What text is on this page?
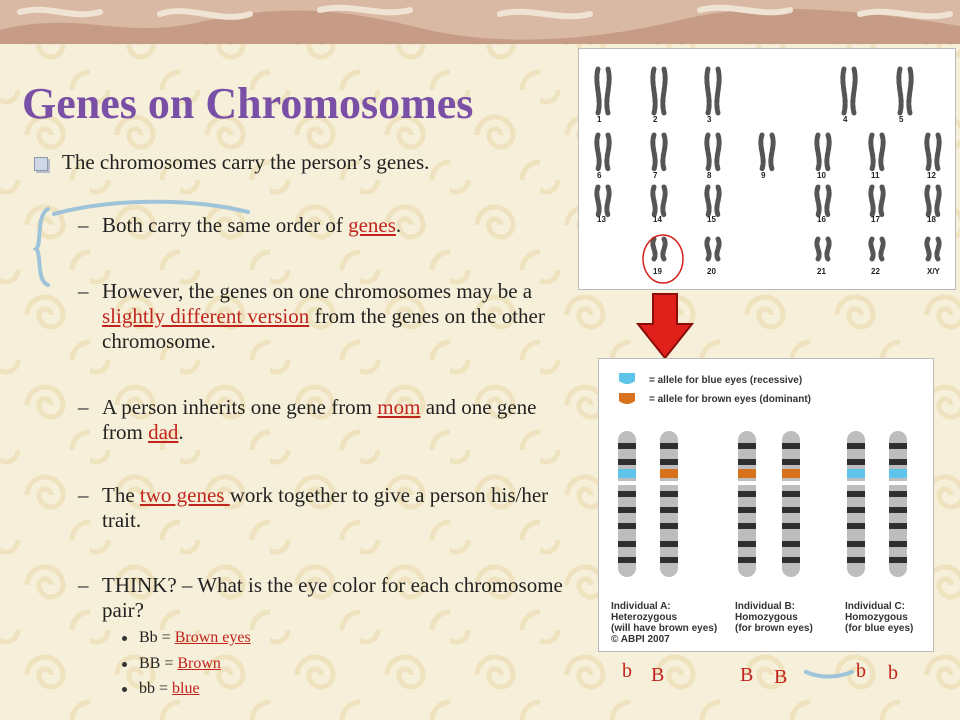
Genes on Chromosomes
The chromosomes carry the person’s genes.
– Both carry the same order of genes.
– However, the genes on one chromosomes may be a slightly different version from the genes on the other chromosome.
– A person inherits one gene from mom and one gene from dad.
– The two genes work together to give a person his/her trait.
– THINK? – What is the eye color for each chromosome pair?
Bb = Brown eyes
BB = Brown
bb = blue
1	2	3	4	5
6	7	8	9	10	11	12
13	14	15	16	17	18
19	20	21	22	X/Y
= allele for blue eyes (recessive)
= allele for brown eyes (dominant)
Individual A:
Heterozygous
(will have brown eyes)
© ABPI 2007
Individual B:
Homozygous
(for brown eyes)
Individual C:
Homozygous
(for blue eyes)
b B	B B	b b
